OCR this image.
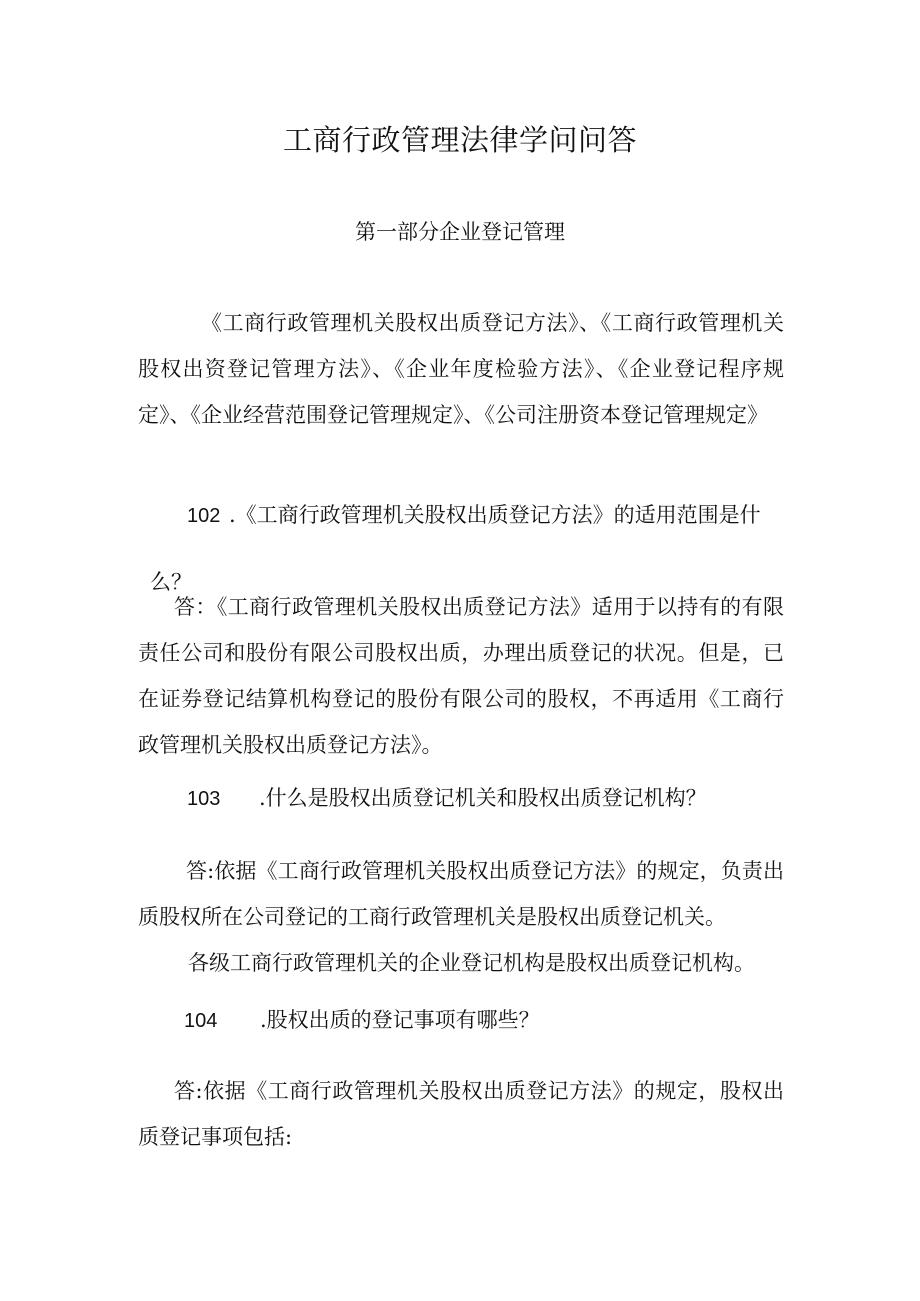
工商行政管理法律学问问答
第一部分企业登记管理

《工商行政管理机关股权出质登记方法》、《工商行政管理机关股权出资登记管理方法》、《企业年度检验方法》、《企业登记程序规定》、《企业经营范围登记管理规定》、《公司注册资本登记管理规定》

102 .《工商行政管理机关股权出质登记方法》的适用范围是什

么？

答：《工商行政管理机关股权出质登记方法》适用于以持有的有限责任公司和股份有限公司股权出质，办理出质登记的状况。但是，已在证券登记结算机构登记的股份有限公司的股权，不再适用《工商行政管理机关股权出质登记方法》。

103 .什么是股权出质登记机关和股权出质登记机构？

答:依据《工商行政管理机关股权出质登记方法》的规定，负责出质股权所在公司登记的工商行政管理机关是股权出质登记机关。

各级工商行政管理机关的企业登记机构是股权出质登记机构。

104 .股权出质的登记事项有哪些？

答:依据《工商行政管理机关股权出质登记方法》的规定，股权出质登记事项包括:
